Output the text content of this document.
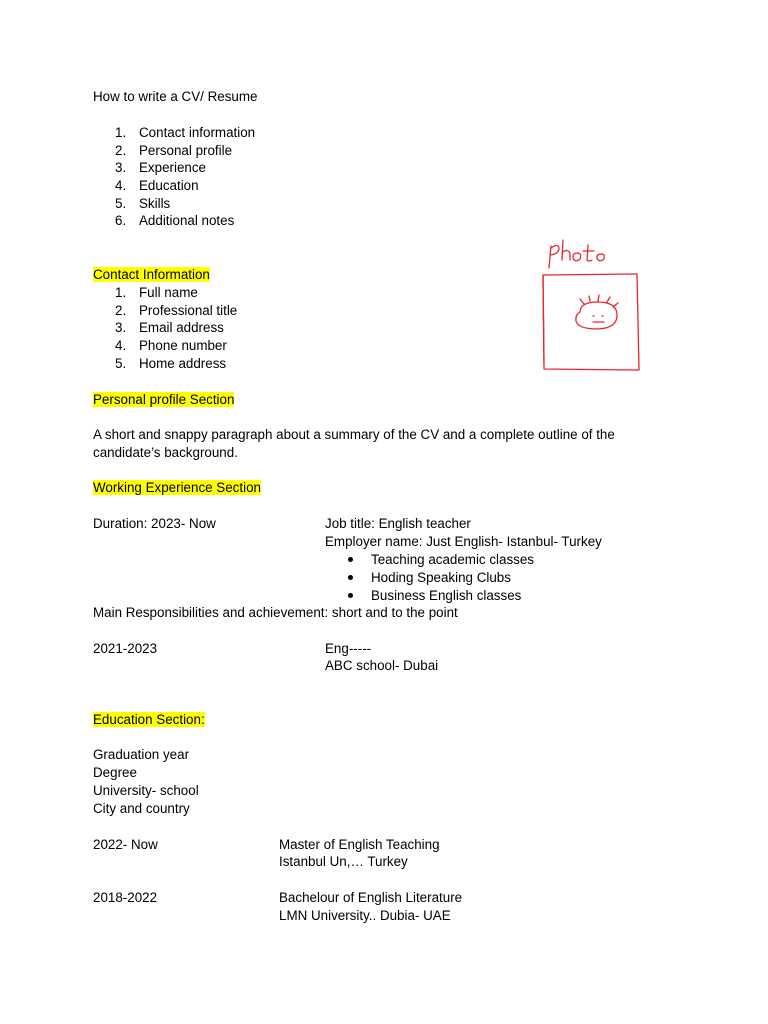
How to write a CV/ Resume
1. Contact information
2. Personal profile
3. Experience
4. Education
5. Skills
6. Additional notes
Contact Information
1. Full name
2. Professional title
3. Email address
4. Phone number
5. Home address
Personal profile Section
A short and snappy paragraph about a summary of the CV and a complete outline of the
candidate’s background.
Working Experience Section
Duration: 2023- Now	Job title: English teacher
Employer name: Just English- Istanbul- Turkey
Teaching academic classes
Hoding Speaking Clubs
Business English classes
Main Responsibilities and achievement: short and to the point
2021-2023	Eng-----
ABC school- Dubai
Education Section:
Graduation year
Degree
University- school
City and country
2022- Now	Master of English Teaching
Istanbul Un,… Turkey
2018-2022	Bachelour of English Literature
LMN University.. Dubia- UAE
